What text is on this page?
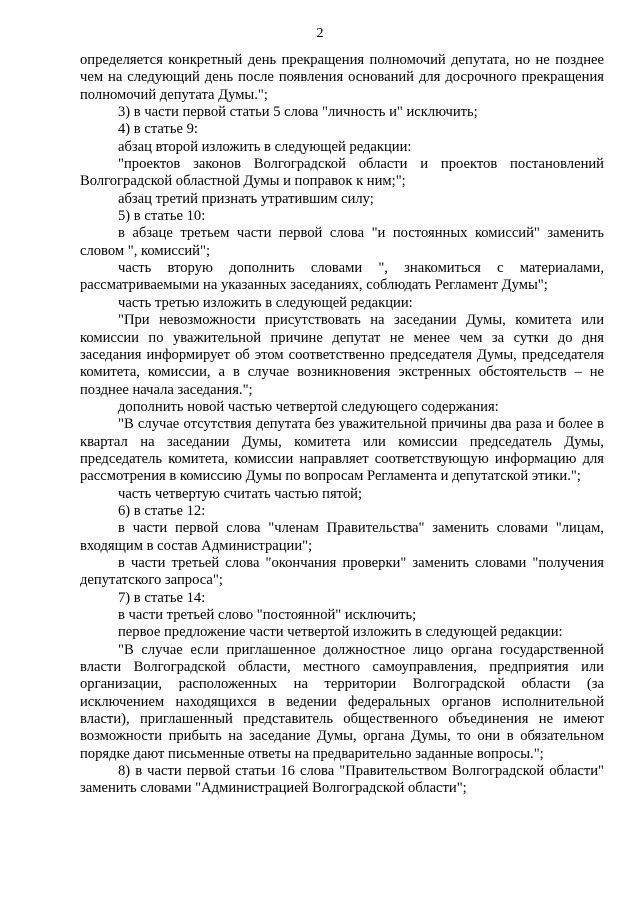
2

определяется конкретный день прекращения полномочий депутата, но не позднее чем на следующий день после появления оснований для досрочного прекращения полномочий депутата Думы.";

3) в части первой статьи 5 слова "личность и" исключить;

4) в статье 9:

абзац второй изложить в следующей редакции:

"проектов законов Волгоградской области и проектов постановлений Волгоградской областной Думы и поправок к ним;";

абзац третий признать утратившим силу;

5) в статье 10:

в абзаце третьем части первой слова "и постоянных комиссий" заменить словом ", комиссий";

часть вторую дополнить словами ", знакомиться с материалами, рассматриваемыми на указанных заседаниях, соблюдать Регламент Думы";

часть третью изложить в следующей редакции:

"При невозможности присутствовать на заседании Думы, комитета или комиссии по уважительной причине депутат не менее чем за сутки до дня заседания информирует об этом соответственно председателя Думы, председателя комитета, комиссии, а в случае возникновения экстренных обстоятельств – не позднее начала заседания.";

дополнить новой частью четвертой следующего содержания:

"В случае отсутствия депутата без уважительной причины два раза и более в квартал на заседании Думы, комитета или комиссии председатель Думы, председатель комитета, комиссии направляет соответствующую информацию для рассмотрения в комиссию Думы по вопросам Регламента и депутатской этики.";

часть четвертую считать частью пятой;

6) в статье 12:

в части первой слова "членам Правительства" заменить словами "лицам, входящим в состав Администрации";

в части третьей слова "окончания проверки" заменить словами "получения депутатского запроса";

7) в статье 14:

в части третьей слово "постоянной" исключить;

первое предложение части четвертой изложить в следующей редакции:

"В случае если приглашенное должностное лицо органа государственной власти Волгоградской области, местного самоуправления, предприятия или организации, расположенных на территории Волгоградской области (за исключением находящихся в ведении федеральных органов исполнительной власти), приглашенный представитель общественного объединения не имеют возможности прибыть на заседание Думы, органа Думы, то они в обязательном порядке дают письменные ответы на предварительно заданные вопросы.";

8) в части первой статьи 16 слова "Правительством Волгоградской области" заменить словами "Администрацией Волгоградской области";
